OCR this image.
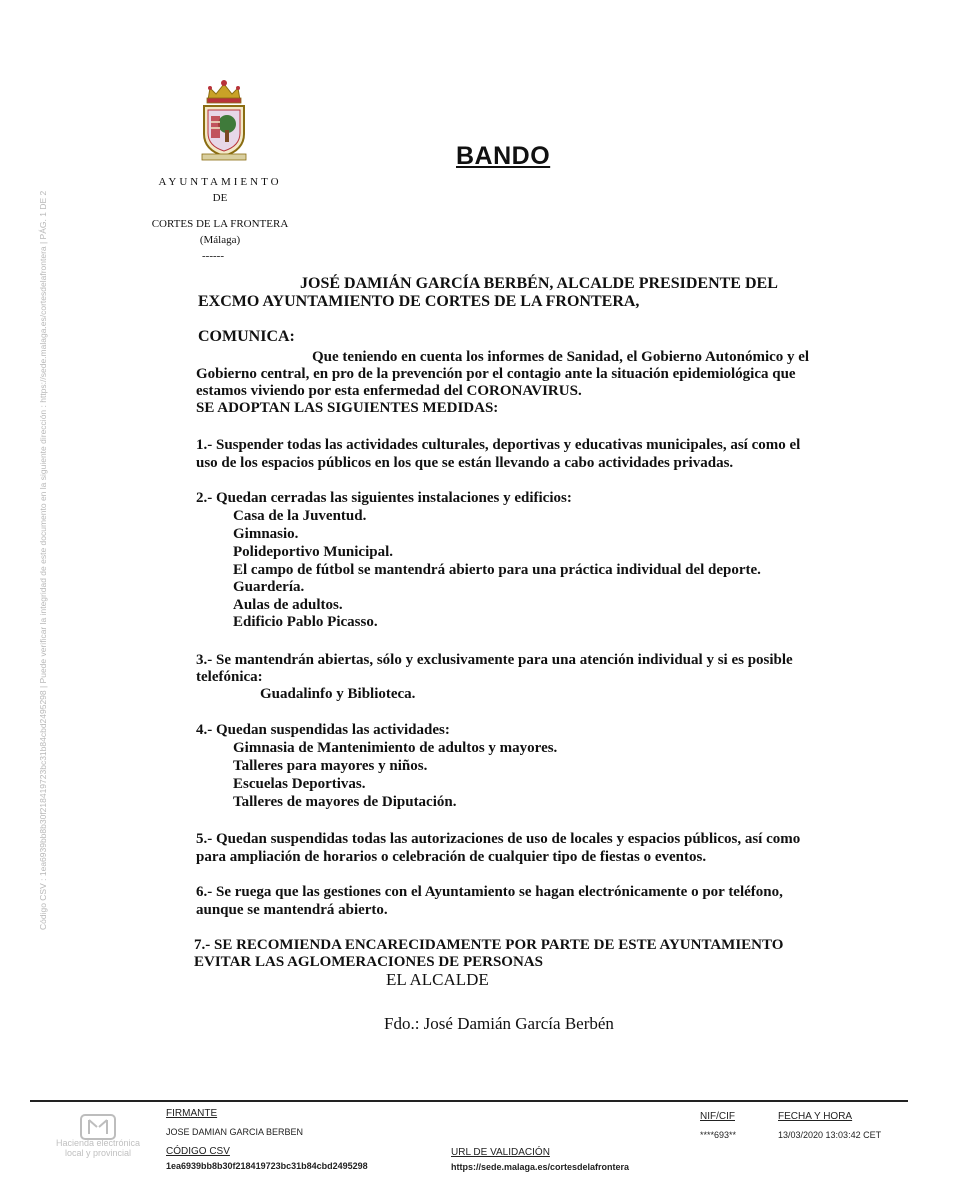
AYUNTAMIENTO
DE
CORTES DE LA FRONTERA
(Málaga)
------
BANDO
Código CSV : 1ea6939bb8b30f218419723bc31b84cbd2495298 | Puede verificar la integridad de este documento en la siguiente dirección : https://sede.malaga.es/cortesdelafrontera | PÁG. 1 DE 2	JOSÉ DAMIÁN GARCÍA BERBÉN, ALCALDE PRESIDENTE DEL
EXCMO AYUNTAMIENTO DE CORTES DE LA FRONTERA,
COMUNICA:
Que teniendo en cuenta los informes de Sanidad, el Gobierno Autonómico y el
Gobierno central, en pro de la prevención por el contagio ante la situación epidemiológica que
estamos viviendo por esta enfermedad del CORONAVIRUS.
SE ADOPTAN LAS SIGUIENTES MEDIDAS:
1.- Suspender todas las actividades culturales, deportivas y educativas municipales, así como el
uso de los espacios públicos en los que se están llevando a cabo actividades privadas.
2.- Quedan cerradas las siguientes instalaciones y edificios:
Casa de la Juventud.
Gimnasio.
Polideportivo Municipal.
El campo de fútbol se mantendrá abierto para una práctica individual del deporte.
Guardería.
Aulas de adultos.
Edificio Pablo Picasso.
3.- Se mantendrán abiertas, sólo y exclusivamente para una atención individual y si es posible
telefónica:
Guadalinfo y Biblioteca.
4.- Quedan suspendidas las actividades:
Gimnasia de Mantenimiento de adultos y mayores.
Talleres para mayores y niños.
Escuelas Deportivas.
Talleres de mayores de Diputación.
5.- Quedan suspendidas todas las autorizaciones de uso de locales y espacios públicos, así como
para ampliación de horarios o celebración de cualquier tipo de fiestas o eventos.
6.- Se ruega que las gestiones con el Ayuntamiento se hagan electrónicamente o por teléfono,
aunque se mantendrá abierto.
7.- SE RECOMIENDA ENCARECIDAMENTE POR PARTE DE ESTE AYUNTAMIENTO
EVITAR LAS AGLOMERACIONES DE PERSONAS
EL ALCALDE
Fdo.: José Damián García Berbén
Hacienda electrónica
local y provincial
FIRMANTE
JOSE DAMIAN GARCIA BERBEN
CÓDIGO CSV
1ea6939bb8b30f218419723bc31b84cbd2495298
NIF/CIF
****693**
FECHA Y HORA
13/03/2020 13:03:42 CET
URL DE VALIDACIÓN
https://sede.malaga.es/cortesdelafrontera
